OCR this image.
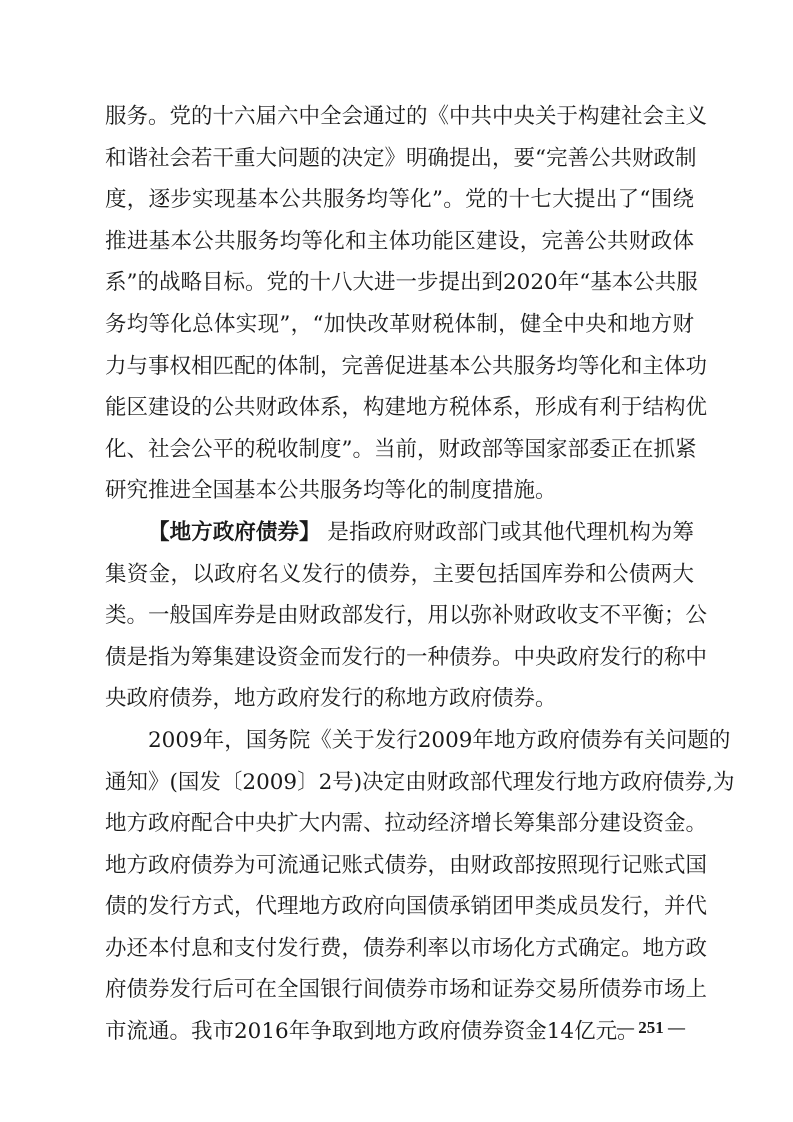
服务。党的十六届六中全会通过的《中共中央关于构建社会主义
和谐社会若干重大问题的决定》明确提出，要“完善公共财政制
度，逐步实现基本公共服务均等化”。党的十七大提出了“围绕
推进基本公共服务均等化和主体功能区建设，完善公共财政体
系”的战略目标。党的十八大进一步提出到2020年“基本公共服
务均等化总体实现”，“加快改革财税体制，健全中央和地方财
力与事权相匹配的体制，完善促进基本公共服务均等化和主体功
能区建设的公共财政体系，构建地方税体系，形成有利于结构优
化、社会公平的税收制度”。当前，财政部等国家部委正在抓紧
研究推进全国基本公共服务均等化的制度措施。
【地方政府债券】 是指政府财政部门或其他代理机构为筹
集资金，以政府名义发行的债券，主要包括国库券和公债两大
类。一般国库券是由财政部发行，用以弥补财政收支不平衡；公
债是指为筹集建设资金而发行的一种债券。中央政府发行的称中
央政府债券，地方政府发行的称地方政府债券。
2009年，国务院《关于发行2009年地方政府债券有关问题的
通知》(国发〔2009〕2号)决定由财政部代理发行地方政府债券,为
地方政府配合中央扩大内需、拉动经济增长筹集部分建设资金。
地方政府债券为可流通记账式债券，由财政部按照现行记账式国
债的发行方式，代理地方政府向国债承销团甲类成员发行，并代
办还本付息和支付发行费，债券利率以市场化方式确定。地方政
府债券发行后可在全国银行间债券市场和证券交易所债券市场上
市流通。我市2016年争取到地方政府债券资金14亿元。
— 251 —
